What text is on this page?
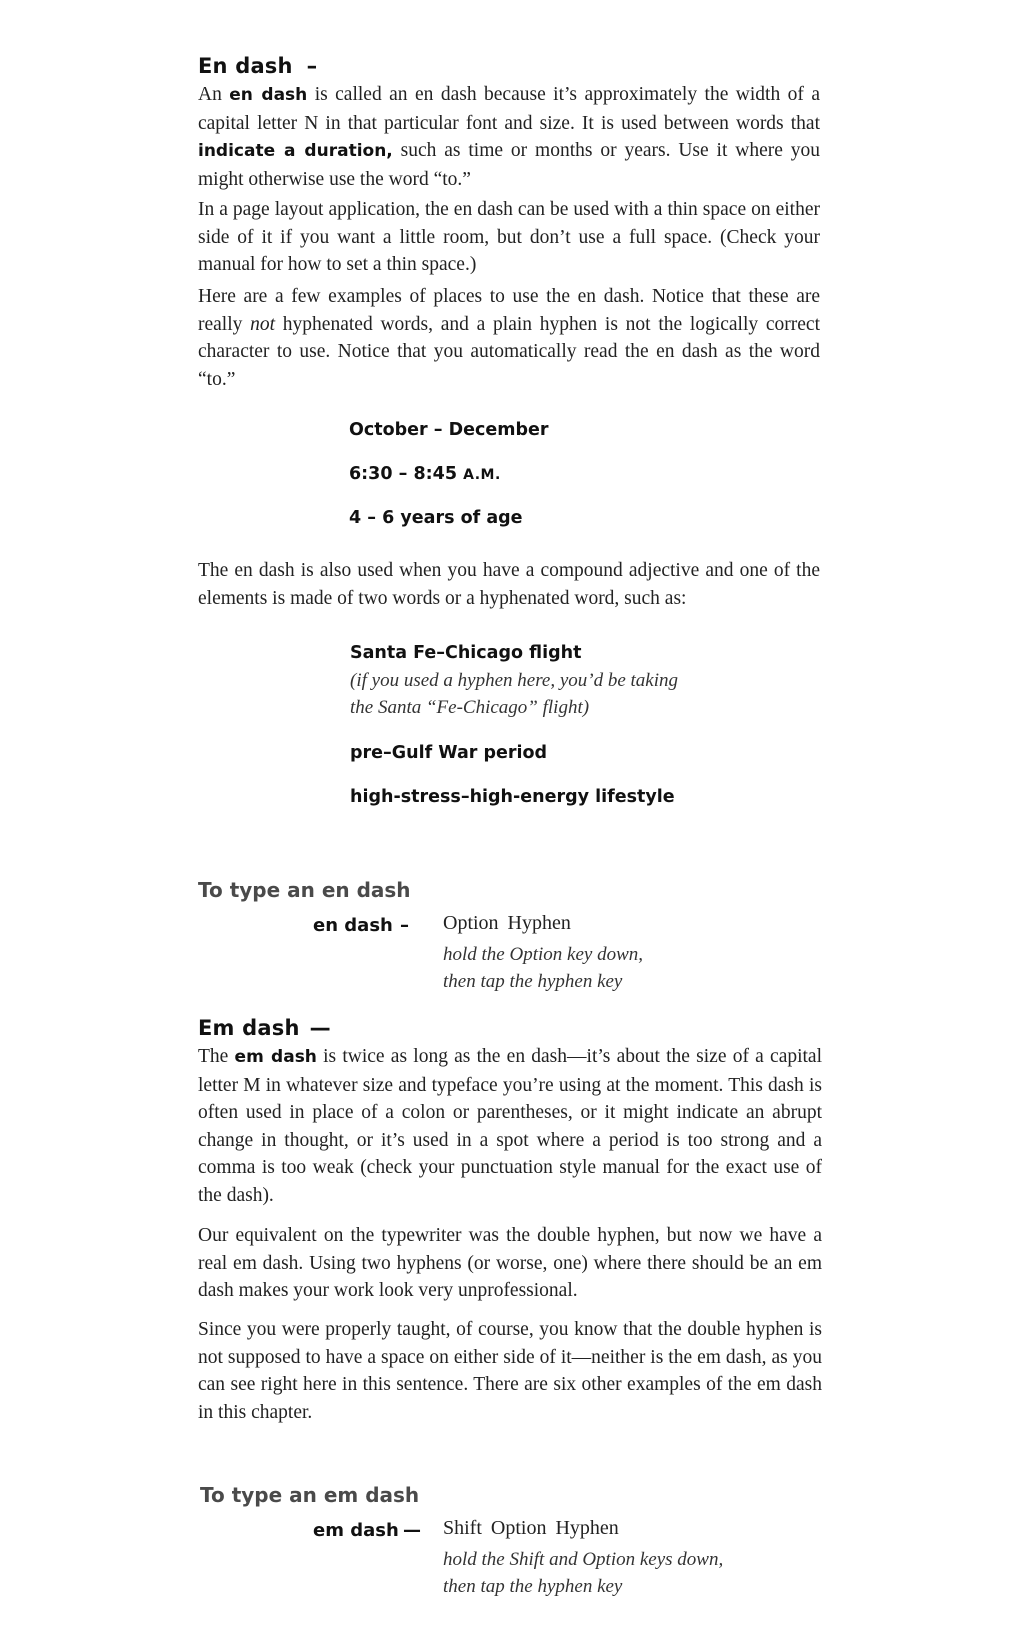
En dash –
An en dash is called an en dash because it’s approximately the width of a capital letter N in that particular font and size. It is used between words that indicate a duration, such as time or months or years. Use it where you might otherwise use the word “to.”
In a page layout application, the en dash can be used with a thin space on either side of it if you want a little room, but don’t use a full space. (Check your manual for how to set a thin space.)
Here are a few examples of places to use the en dash. Notice that these are really not hyphenated words, and a plain hyphen is not the logically correct character to use. Notice that you automatically read the en dash as the word “to.”
October – December
6:30 – 8:45 A.M.
4 – 6 years of age
The en dash is also used when you have a compound adjective and one of the elements is made of two words or a hyphenated word, such as:
Santa Fe–Chicago flight
(if you used a hyphen here, you’d be taking
the Santa “Fe-Chicago” flight)
pre–Gulf War period
high-stress–high-energy lifestyle
To type an en dash
en dash – Option Hyphen
hold the Option key down,
then tap the hyphen key
Em dash —
The em dash is twice as long as the en dash—it’s about the size of a capital letter M in whatever size and typeface you’re using at the moment. This dash is often used in place of a colon or parentheses, or it might indicate an abrupt change in thought, or it’s used in a spot where a period is too strong and a comma is too weak (check your punctuation style manual for the exact use of the dash).
Our equivalent on the typewriter was the double hyphen, but now we have a real em dash. Using two hyphens (or worse, one) where there should be an em dash makes your work look very unprofessional.
Since you were properly taught, of course, you know that the double hyphen is not supposed to have a space on either side of it—neither is the em dash, as you can see right here in this sentence. There are six other examples of the em dash in this chapter.
To type an em dash
em dash — Shift Option Hyphen
hold the Shift and Option keys down,
then tap the hyphen key
